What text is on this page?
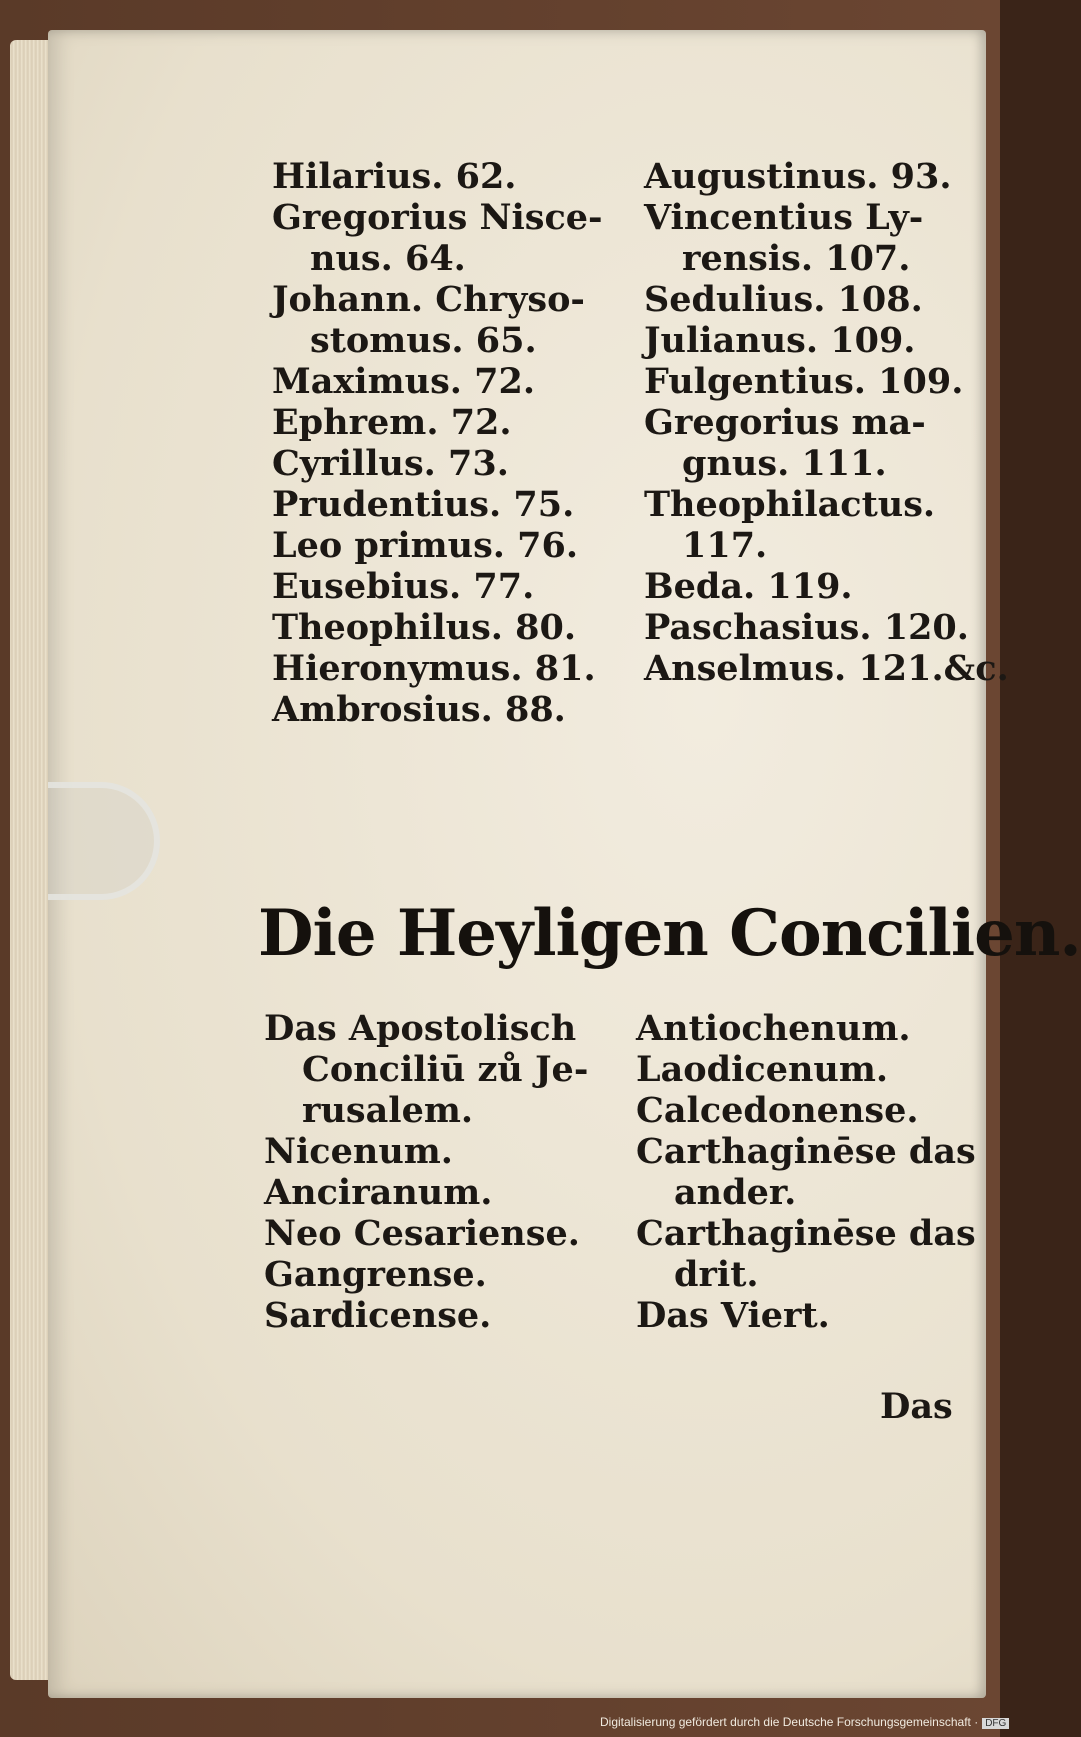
Hilarius. 62.
Gregorius Nisce-
nus. 64.
Johann. Chryso-
stomus. 65.
Maximus. 72.
Ephrem. 72.
Cyrillus. 73.
Prudentius. 75.
Leo primus. 76.
Eusebius. 77.
Theophilus. 80.
Hieronymus. 81.
Ambrosius. 88.
Augustinus. 93.
Vincentius Ly-
rensis. 107.
Sedulius. 108.
Julianus. 109.
Fulgentius. 109.
Gregorius ma-
gnus. 111.
Theophilactus.
117.
Beda. 119.
Paschasius. 120.
Anselmus. 121.&c.
Die Heyligen Concilien.
Das Apostolisch
Conciliū zů Je-
rusalem.
Nicenum.
Anciranum.
Neo Cesariense.
Gangrense.
Sardicense.
Antiochenum.
Laodicenum.
Calcedonense.
Carthaginēse das
ander.
Carthaginēse das
drit.
Das Viert.
Das
Digitalisierung gefördert durch die Deutsche Forschungsgemeinschaft · DFG
